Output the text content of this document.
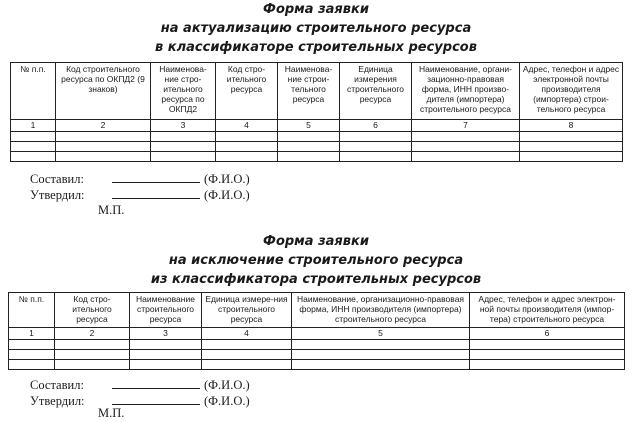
Форма заявки
на актуализацию строительного ресурса
в классификаторе строительных ресурсов
№ п.п.	Код строительного ресурса по ОКПД2 (9 знаков)	Наименова-ние стро-ительного ресурса по ОКПД2	Код стро-ительного ресурса	Наименова-ние строи-тельного ресурса	Единица измерения строительного ресурса	Наименование, органи-зационно-правовая форма, ИНН произво-дителя (импортера) строительного ресурса	Адрес, телефон и адрес электронной почты производителя (импортера) строи-тельного ресурса
1	2	3	4	5	6	7	8

Составил:	(Ф.И.О.)
Утвердил:	(Ф.И.О.)
М.П.
Форма заявки
на исключение строительного ресурса
из классификатора строительных ресурсов
№ п.п.	Код стро-ительного ресурса	Наименование строительного ресурса	Единица измере-ния строительного ресурса	Наименование, организационно-правовая форма, ИНН производителя (импортера) строительного ресурса	Адрес, телефон и адрес электрон-ной почты производителя (импор-тера) строительного ресурса
1	2	3	4	5	6

Составил:	(Ф.И.О.)
Утвердил:	(Ф.И.О.)
М.П.
